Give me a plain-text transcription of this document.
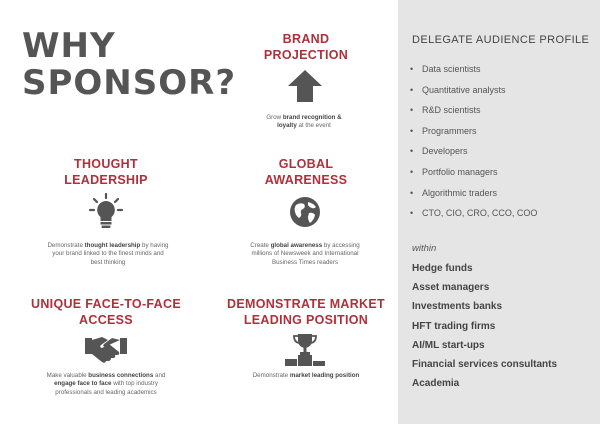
WHY
SPONSOR?
BRAND
PROJECTION
Grow brand recognition &
loyalty at the event
THOUGHT
LEADERSHIP
Demonstrate thought leadership by having your brand linked to the finest minds and best thinking
GLOBAL
AWARENESS
Create global awareness by accessing millions of Newsweek and International Business Times readers
UNIQUE FACE-TO-FACE
ACCESS
Make valuable business connections and engage face to face with top industry professionals and leading academics
DEMONSTRATE MARKET
LEADING POSITION
Demonstrate market leading position
DELEGATE AUDIENCE PROFILE
• Data scientists
• Quantitative analysts
• R&D scientists
• Programmers
• Developers
• Portfolio managers
• Algorithmic traders
• CTO, CIO, CRO, CCO, COO
within
Hedge funds
Asset managers
Investments banks
HFT trading firms
AI/ML start-ups
Financial services consultants
Academia
